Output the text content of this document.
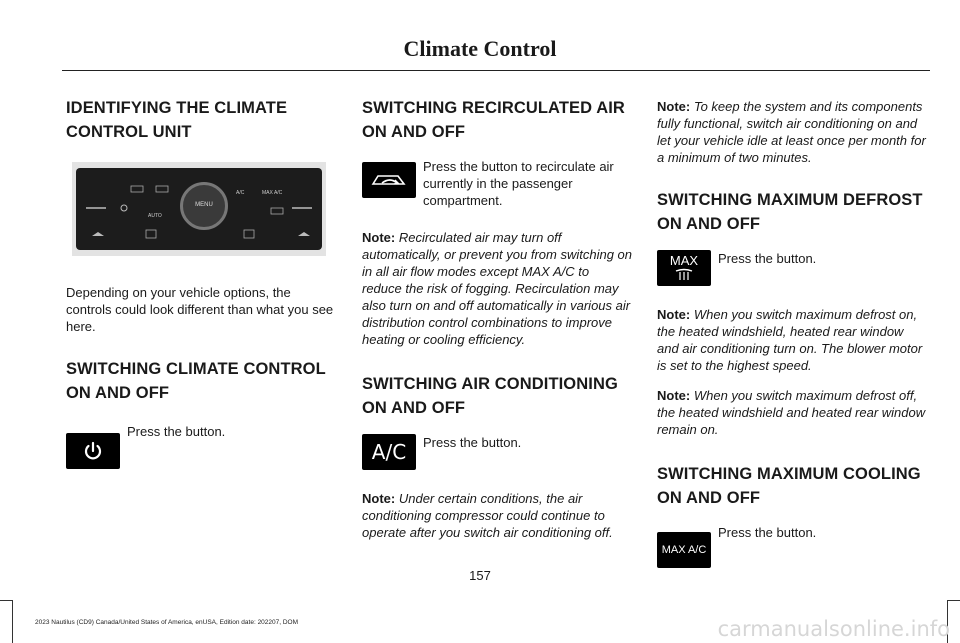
Climate Control
IDENTIFYING THE CLIMATE CONTROL UNIT
MENU
AUTO
A/C	MAX A/C

Depending on your vehicle options, the controls could look different than what you see here.

SWITCHING CLIMATE CONTROL ON AND OFF
Press the button.
SWITCHING RECIRCULATED AIR ON AND OFF
Press the button to recirculate air currently in the passenger compartment.

Note: Recirculated air may turn off automatically, or prevent you from switching on in all air flow modes except MAX A/C to reduce the risk of fogging. Recirculation may also turn on and off automatically in various air distribution control combinations to improve heating or cooling efficiency.

SWITCHING AIR CONDITIONING ON AND OFF
A/C Press the button.

Note: Under certain conditions, the air conditioning compressor could continue to operate after you switch air conditioning off.

Note: To keep the system and its components fully functional, switch air conditioning on and let your vehicle idle at least once per month for a minimum of two minutes.

SWITCHING MAXIMUM DEFROST ON AND OFF
MAX Press the button.

Note: When you switch maximum defrost on, the heated windshield, heated rear window and air conditioning turn on. The blower motor is set to the highest speed.

Note: When you switch maximum defrost off, the heated windshield and heated rear window remain on.

SWITCHING MAXIMUM COOLING ON AND OFF
MAX A/C
Press the button.
157
2023 Nautilus (CD9) Canada/United States of America, enUSA, Edition date: 202207, DOM	carmanualsonline.info
